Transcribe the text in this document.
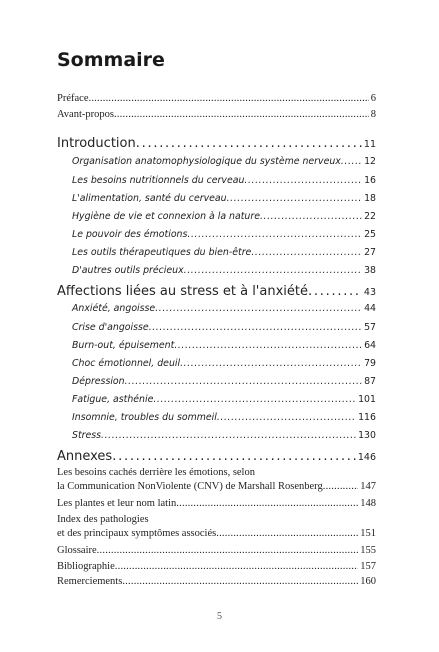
Sommaire
Préface . . .	6
Avant-propos . . .	8
Introduction . . .	11
Organisation anatomophysiologique du système nerveux . . . 12
Les besoins nutritionnels du cerveau . . .	16
L'alimentation, santé du cerveau . . .	18
Hygiène de vie et connexion à la nature . . .	22
Le pouvoir des émotions . . .	25
Les outils thérapeutiques du bien-être . . .	27
D'autres outils précieux . . .	38
Affections liées au stress et à l'anxiété . . .	43
Anxiété, angoisse . . .	44
Crise d'angoisse . . .	57
Burn-out, épuisement . . .	64
Choc émotionnel, deuil . . .	79
Dépression . . .	87
Fatigue, asthénie . . .	101
Insomnie, troubles du sommeil . . .	116
Stress . . .	130
Annexes . . .	146
Les besoins cachés derrière les émotions, selon
la Communication NonViolente (CNV) de Marshall Rosenberg . . .	147
Les plantes et leur nom latin . . .	148
Index des pathologies
et des principaux symptômes associés . . .	151
Glossaire . . .	155
Bibliographie . . .	157
Remerciements . . .	160
5
